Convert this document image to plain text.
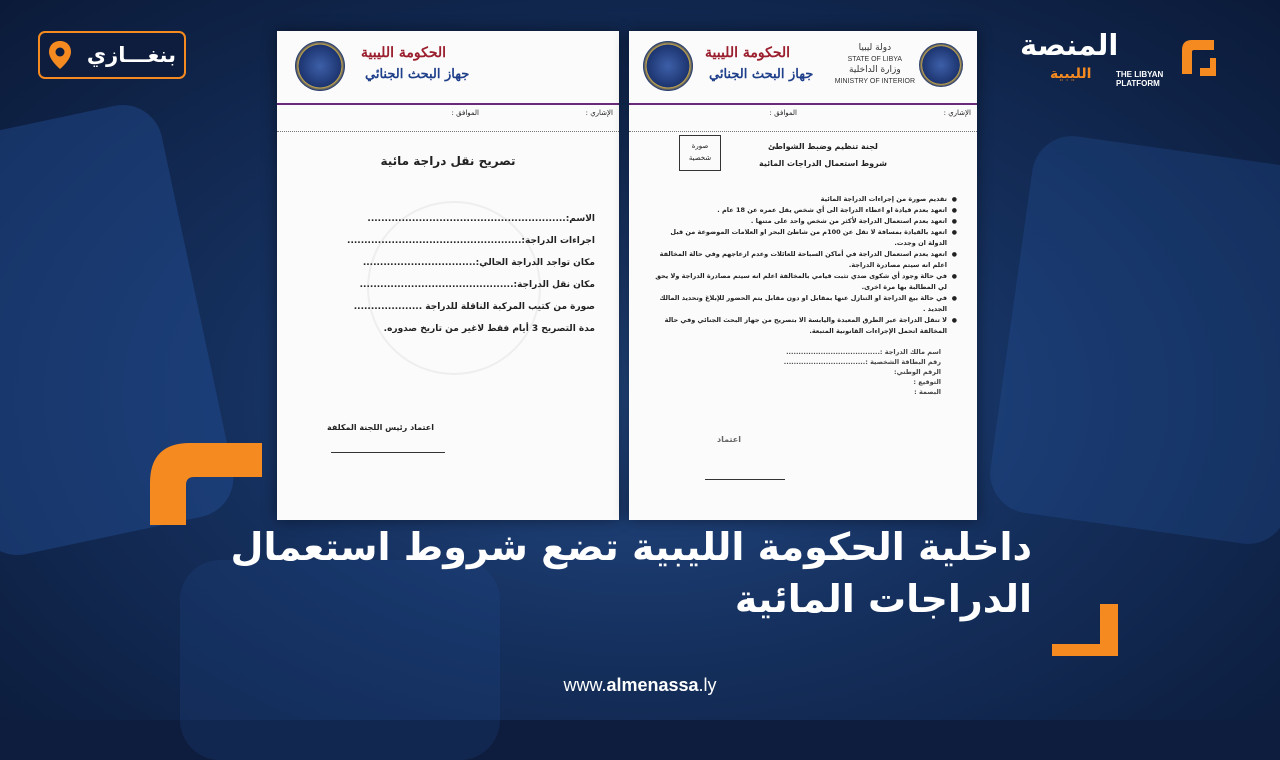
بنغـــازي	المنصة
الليبية	THE LIBYAN
PLATFORM
الحكومة الليبية
جهاز البحث الجنائي
الإشاري :
الموافق :
تصريح نقل دراجة مائية
الاسم:..........................................................
اجراءات الدراجة:...................................................
مكان تواجد الدراجة الحالي:.................................
مكان نقل الدراجة:.............................................
صورة من كتيب المركبة الناقلة للدراجة ....................
مدة التصريح 3 أيام فقط لاغير من تاريخ صدوره.
اعتماد رئيس اللجنة المكلفة
الحكومة الليبية
جهاز البحث الجنائي
دولة ليبيا
STATE OF LIBYA
وزارة الداخلية
MINISTRY OF INTERIOR
الإشاري :
الموافق :
صورة
شخصية
لجنة تنظيم وضبط الشواطئ
شروط استعمال الدراجات المائية
● تقديم صورة من إجراءات الدراجة المائية
● اتعهد بعدم قيادة او اعطاء الدراجة الى أي شخص يقل عمره عن 18 عام .
● اتعهد بعدم استعمال الدراجة لأكثر من شخص واحد على متنها .
● اتعهد بالقيادة بمسافة لا تقل عن 100م من شاطئ البحر او العلامات الموضوعة من قبل الدولة ان وجدت.
● اتعهد بعدم استعمال الدراجة في أماكن السباحة للعائلات وعدم ازعاجهم وفي حالة المخالفة اعلم انه سيتم مصادرة الدراجة.
● في حالة وجود أي شكوى ضدي تثبت قيامي بالمخالفة اعلم انه سيتم مصادرة الدراجة ولا يحق لي المطالبة بها مرة اخرى.
● في حالة بيع الدراجة او التنازل عنها بمقابل او دون مقابل يتم الحضور للإبلاغ وتحديد المالك الجديد .
● لا تنقل الدراجة عبر الطرق المعبدة واليابسة الا بتصريح من جهاز البحث الجنائي وفي حالة المخالفة اتحمل الإجراءات القانونية المتبعة.
اسم مالك الدراجة :......................................
رقم البطاقة الشخصية :.................................
الرقم الوطني:
التوقيع :
البصمة :
اعتماد
داخلية الحكومة الليبية تضع شروط استعمال الدراجات المائية
www.almenassa.ly
